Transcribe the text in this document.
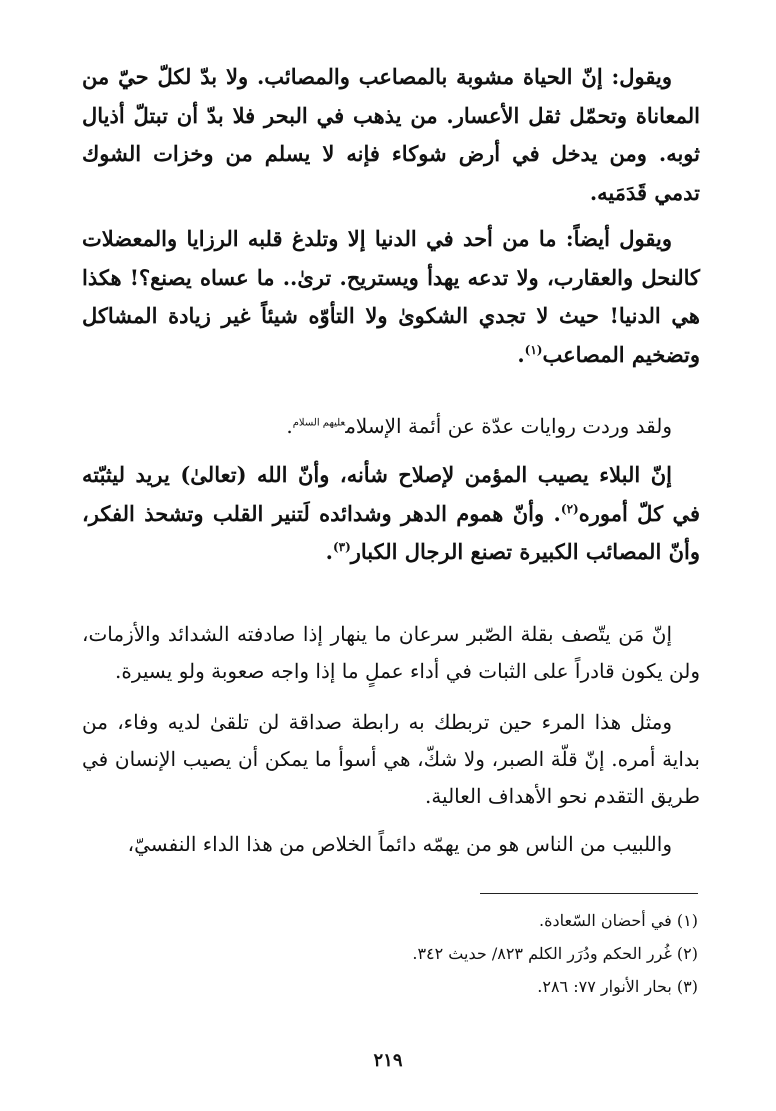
ويقول: إنّ الحياة مشوبة بالمصاعب والمصائب. ولا بدّ لكلّ حيّ من المعاناة وتحمّل ثقل الأعسار. من يذهب في البحر فلا بدّ أن تبتلّ أذيال ثوبه. ومن يدخل في أرض شوكاء فإنه لا يسلم من وخزات الشوك تدمي قَدَمَيه.

ويقول أيضاً: ما من أحد في الدنيا إلا وتلدغ قلبه الرزايا والمعضلات كالنحل والعقارب، ولا تدعه يهدأ ويستريح. ترىٰ.. ما عساه يصنع؟! هكذا هي الدنيا! حيث لا تجدي الشكوىٰ ولا التأوّه شيئاً غير زيادة المشاكل وتضخيم المصاعب$^{(١)}$.

ولقد وردت روايات عدّة عن أئمة الإسلام$^{عليهم السلام}$.

إنّ البلاء يصيب المؤمن لإصلاح شأنه، وأنّ الله (تعالىٰ) يريد ليثبّته في كلّ أموره$^{(٢)}$. وأنّ هموم الدهر وشدائده لَتنير القلب وتشحذ الفكر، وأنّ المصائب الكبيرة تصنع الرجال الكبار$^{(٣)}$.

إنّ مَن يتّصف بقلة الصّبر سرعان ما ينهار إذا صادفته الشدائد والأزمات، ولن يكون قادراً على الثبات في أداء عملٍ ما إذا واجه صعوبة ولو يسيرة.

ومثل هذا المرء حين تربطك به رابطة صداقة لن تلقىٰ لديه وفاء، من بداية أمره. إنّ قلّة الصبر، ولا شكّ، هي أسوأ ما يمكن أن يصيب الإنسان في طريق التقدم نحو الأهداف العالية.

واللبيب من الناس هو من يهمّه دائماً الخلاص من هذا الداء النفسيّ،

(١) في أحضان السّعادة.
(٢) غُرر الحكم ودُرَر الكلم ٨٢٣/ حديث ٣٤٢.
(٣) بحار الأنوار ٧٧: ٢٨٦.
٢١٩
